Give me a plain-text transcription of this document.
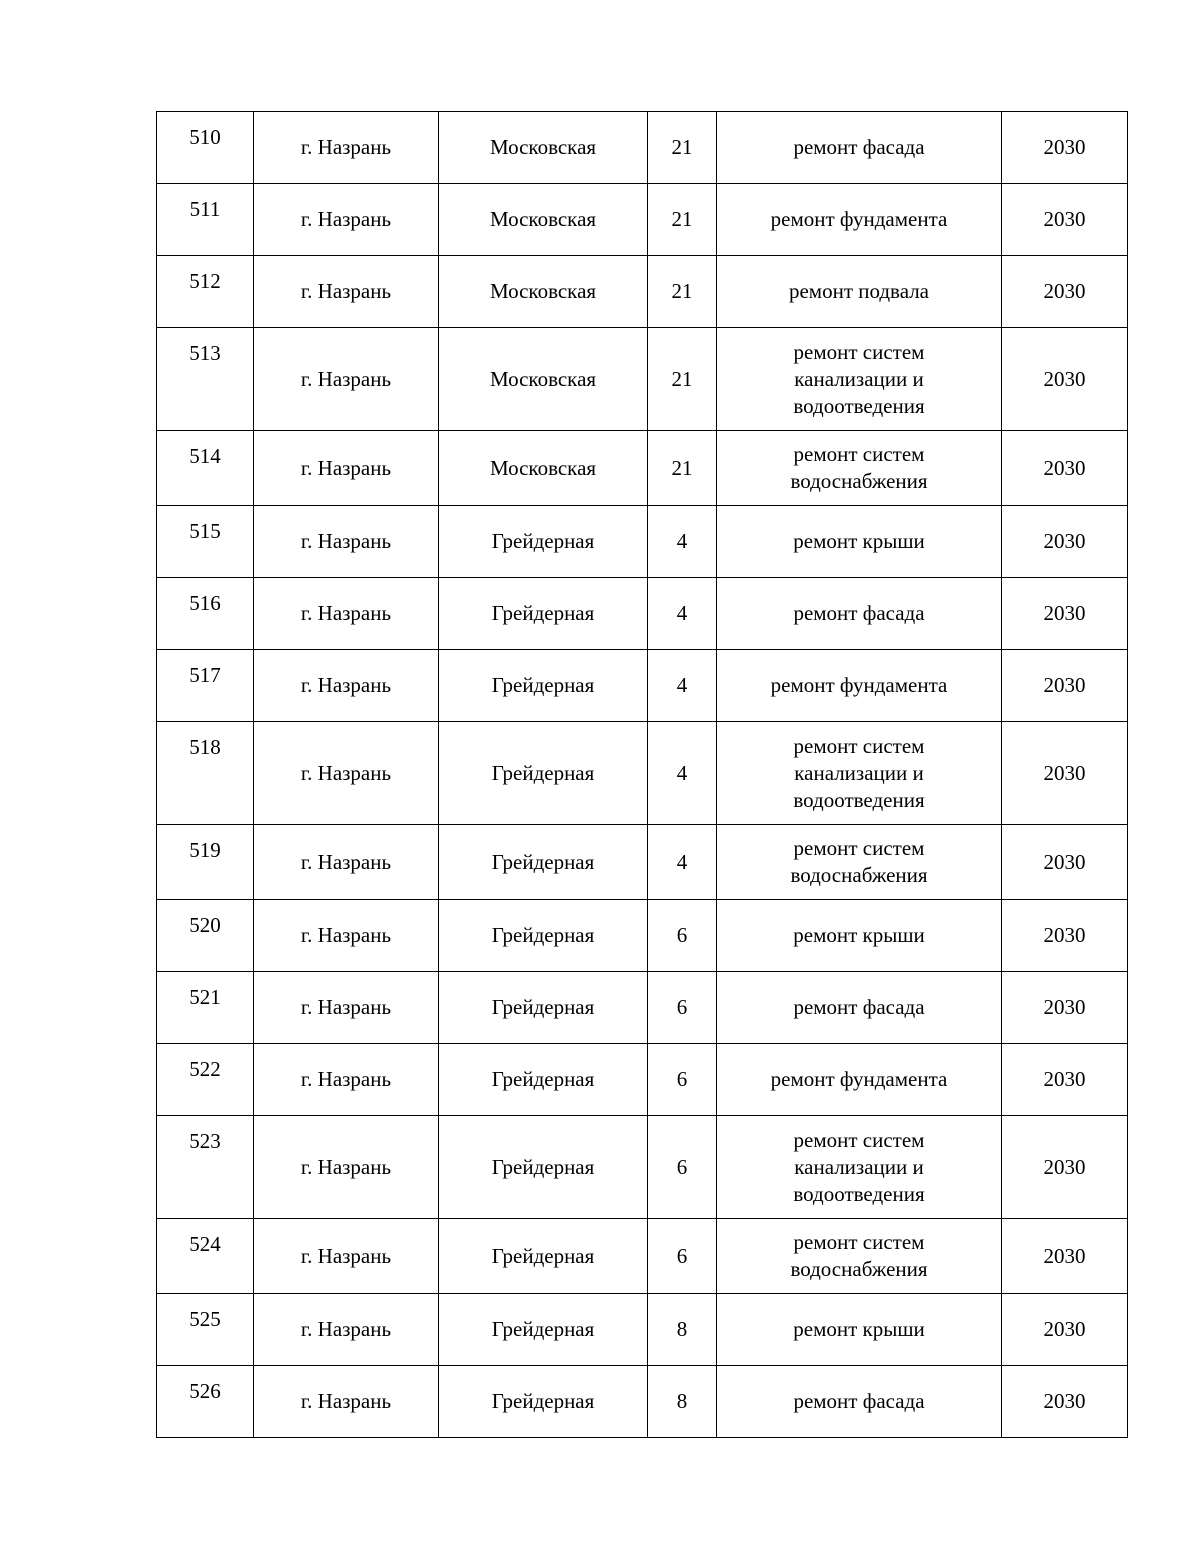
510	г. Назрань	Московская	21	ремонт фасада	2030
511	г. Назрань	Московская	21	ремонт фундамента	2030
512	г. Назрань	Московская	21	ремонт подвала	2030
513	г. Назрань	Московская	21	ремонт систем
канализации и
водоотведения	2030
514	г. Назрань	Московская	21	ремонт систем
водоснабжения	2030
515	г. Назрань	Грейдерная	4	ремонт крыши	2030
516	г. Назрань	Грейдерная	4	ремонт фасада	2030
517	г. Назрань	Грейдерная	4	ремонт фундамента	2030
518	г. Назрань	Грейдерная	4	ремонт систем
канализации и
водоотведения	2030
519	г. Назрань	Грейдерная	4	ремонт систем
водоснабжения	2030
520	г. Назрань	Грейдерная	6	ремонт крыши	2030
521	г. Назрань	Грейдерная	6	ремонт фасада	2030
522	г. Назрань	Грейдерная	6	ремонт фундамента	2030
523	г. Назрань	Грейдерная	6	ремонт систем
канализации и
водоотведения	2030
524	г. Назрань	Грейдерная	6	ремонт систем
водоснабжения	2030
525	г. Назрань	Грейдерная	8	ремонт крыши	2030
526	г. Назрань	Грейдерная	8	ремонт фасада	2030
